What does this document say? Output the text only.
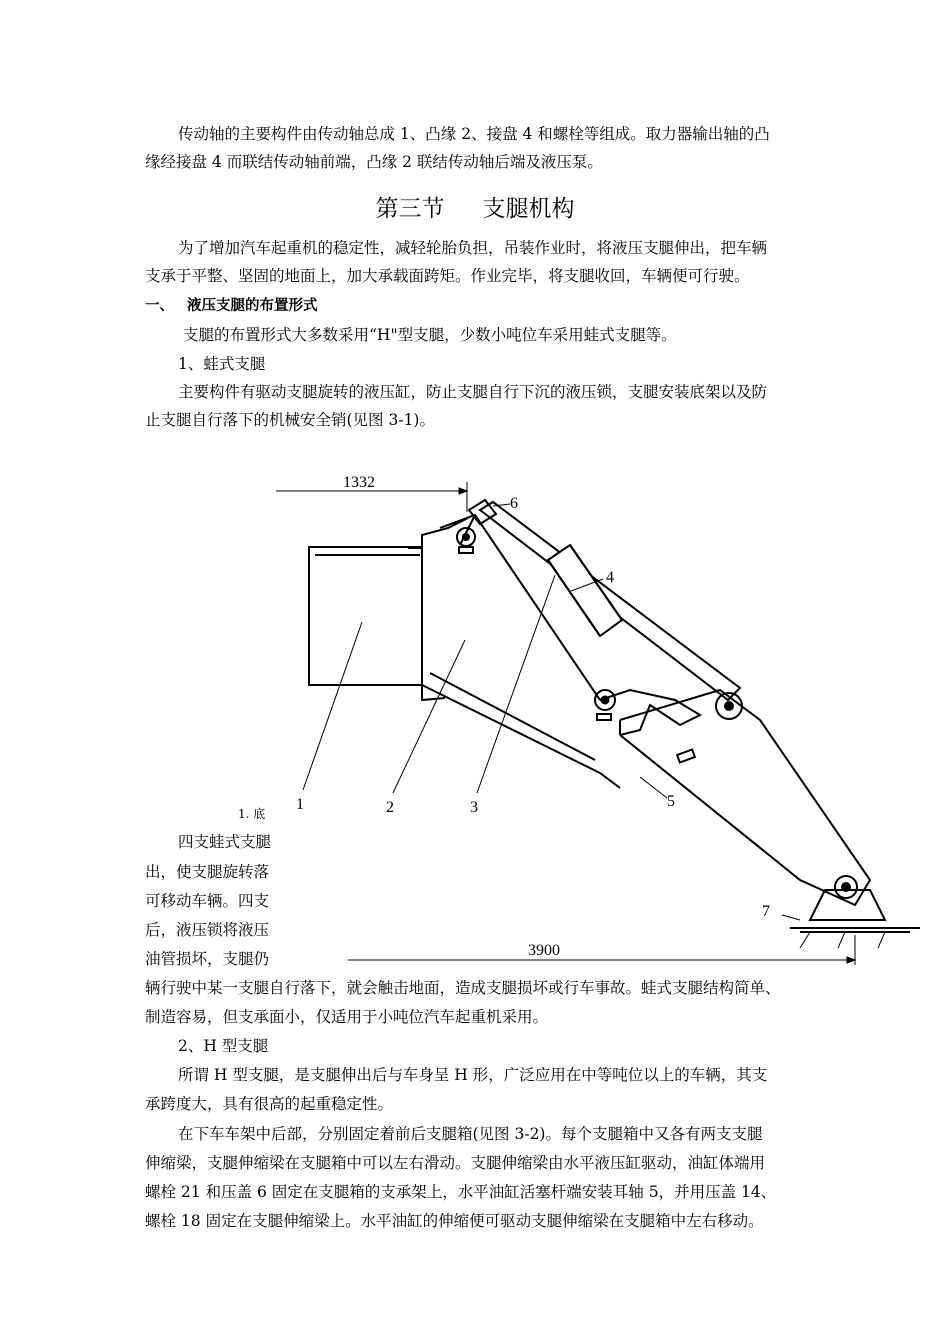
传动轴的主要构件由传动轴总成 1、凸缘 2、接盘 4 和螺栓等组成。取力器输出轴的凸
缘经接盘 4 而联结传动轴前端，凸缘 2 联结传动轴后端及液压泵。
第三节 支腿机构
为了增加汽车起重机的稳定性，减轻轮胎负担，吊装作业时，将液压支腿伸出，把车辆
支承于平整、坚固的地面上，加大承载面跨矩。作业完毕，将支腿收回，车辆便可行驶。
一、 液压支腿的布置形式
支腿的布置形式大多数采用“H"型支腿，少数小吨位车采用蛙式支腿等。
1、蛙式支腿
主要构件有驱动支腿旋转的液压缸，防止支腿自行下沉的液压锁，支腿安装底架以及防
止支腿自行落下的机械安全销(见图 3-1)。
1332
3900
1	2	3
4
5
6
7
1. 底
四支蛙式支腿
出，使支腿旋转落
可移动车辆。四支
后，液压锁将液压
油管损坏，支腿仍
辆行驶中某一支腿自行落下，就会触击地面，造成支腿损坏或行车事故。蛙式支腿结构简单、
制造容易，但支承面小，仅适用于小吨位汽车起重机采用。
2、H 型支腿
所谓 H 型支腿，是支腿伸出后与车身呈 H 形，广泛应用在中等吨位以上的车辆，其支
承跨度大，具有很高的起重稳定性。
在下车车架中后部，分别固定着前后支腿箱(见图 3-2)。每个支腿箱中又各有两支支腿
伸缩梁，支腿伸缩梁在支腿箱中可以左右滑动。支腿伸缩梁由水平液压缸驱动，油缸体端用
螺栓 21 和压盖 6 固定在支腿箱的支承架上，水平油缸活塞杆端安装耳轴 5，并用压盖 14、
螺栓 18 固定在支腿伸缩梁上。水平油缸的伸缩便可驱动支腿伸缩梁在支腿箱中左右移动。
